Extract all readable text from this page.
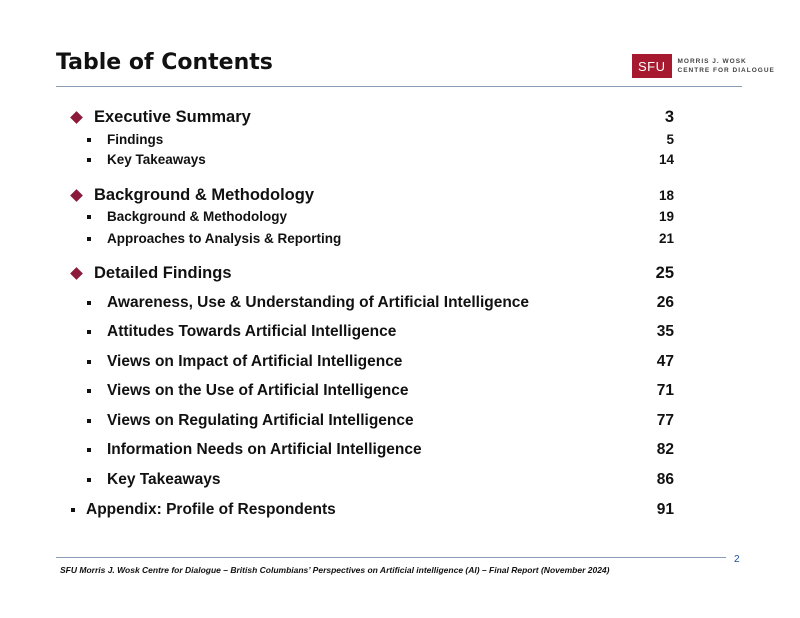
Table of Contents	SFU	MORRIS J. WOSK
CENTRE FOR DIALOGUE
Executive Summary	3
Findings	5
Key Takeaways	14
Background & Methodology	18
Background & Methodology	19
Approaches to Analysis & Reporting	21
Detailed Findings	25
Awareness, Use & Understanding of Artificial Intelligence	26
Attitudes Towards Artificial Intelligence	35
Views on Impact of Artificial Intelligence	47
Views on the Use of Artificial Intelligence	71
Views on Regulating Artificial Intelligence	77
Information Needs on Artificial Intelligence	82
Key Takeaways	86
Appendix: Profile of Respondents	91
2
SFU Morris J. Wosk Centre for Dialogue – British Columbians’ Perspectives on Artificial intelligence (AI) – Final Report (November 2024)
